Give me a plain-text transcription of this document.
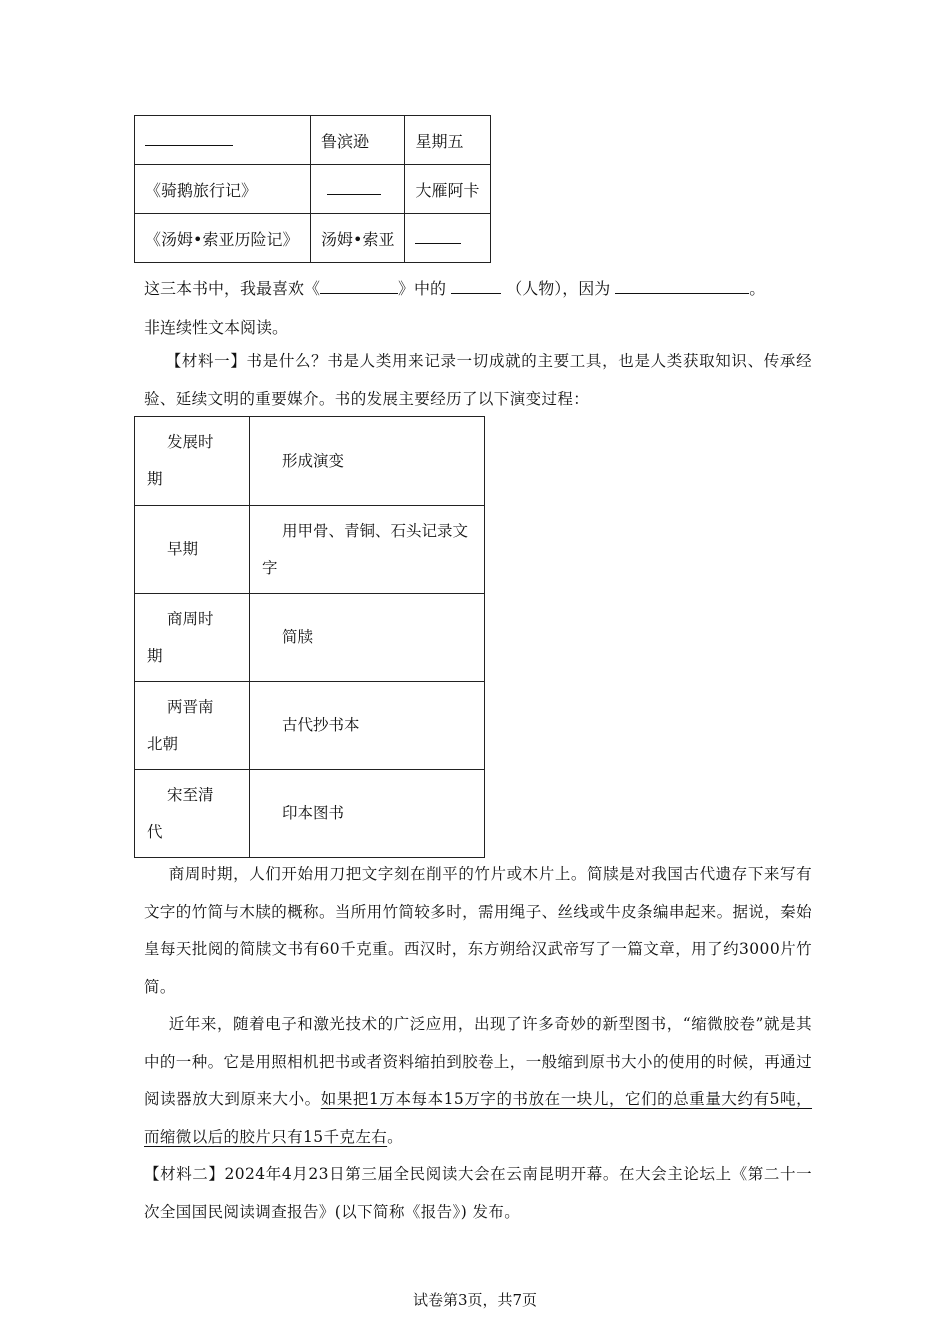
	鲁滨逊	星期五
《骑鹅旅行记》		大雁阿卡
《汤姆•索亚历险记》	汤姆•索亚	
这三本书中，我最喜欢《	》中的	（人物），因为	。
非连续性文本阅读。
【材料一】书是什么？书是人类用来记录一切成就的主要工具，也是人类获取知识、传承经验、延续文明的重要媒介。书的发展主要经历了以下演变过程：
发展时期	形成演变

早期	用甲骨、青铜、石头记录文字

商周时期	简牍

两晋南北朝	古代抄书本

宋至清代	印本图书
商周时期，人们开始用刀把文字刻在削平的竹片或木片上。简牍是对我国古代遗存下来写有文字的竹简与木牍的概称。当所用竹简较多时，需用绳子、丝线或牛皮条编串起来。据说，秦始皇每天批阅的简牍文书有60千克重。西汉时，东方朔给汉武帝写了一篇文章，用了约3000片竹简。
近年来，随着电子和激光技术的广泛应用，出现了许多奇妙的新型图书，“缩微胶卷”就是其中的一种。它是用照相机把书或者资料缩拍到胶卷上，一般缩到原书大小的使用的时候，再通过阅读器放大到原来大小。如果把1万本每本15万字的书放在一块儿，它们的总重量大约有5吨，而缩微以后的胶片只有15千克左右。
【材料二】2024年4月23日第三届全民阅读大会在云南昆明开幕。在大会主论坛上《第二十一次全国国民阅读调查报告》(以下简称《报告》) 发布。
试卷第3页，共7页
